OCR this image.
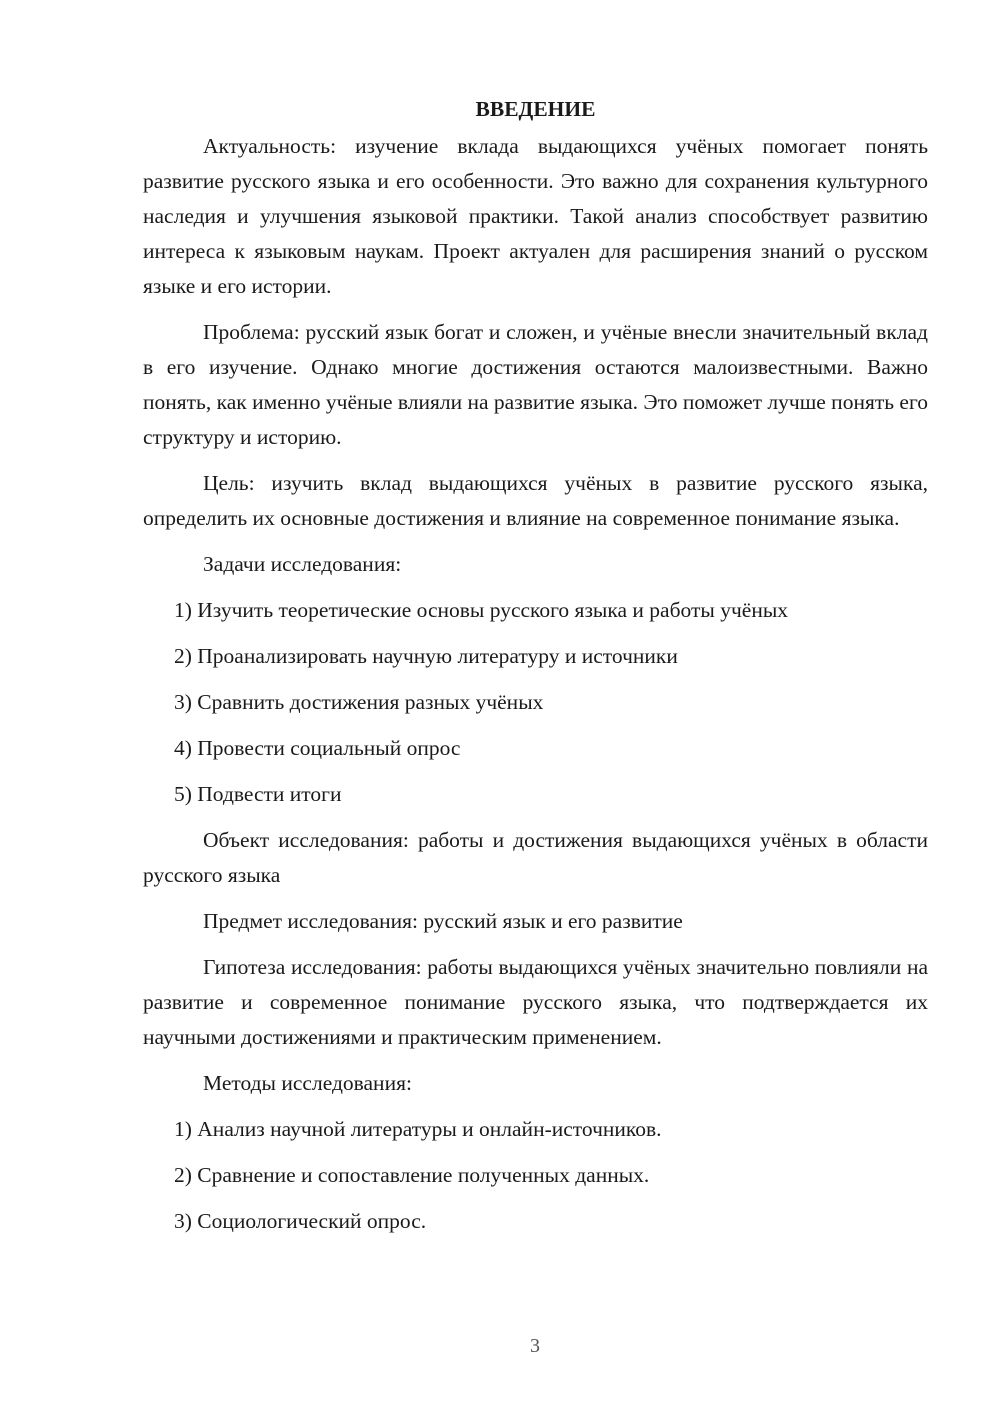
ВВЕДЕНИЕ

Актуальность: изучение вклада выдающихся учёных помогает понять развитие русского языка и его особенности. Это важно для сохранения культурного наследия и улучшения языковой практики. Такой анализ способствует развитию интереса к языковым наукам. Проект актуален для расширения знаний о русском языке и его истории.

Проблема: русский язык богат и сложен, и учёные внесли значительный вклад в его изучение. Однако многие достижения остаются малоизвестными. Важно понять, как именно учёные влияли на развитие языка. Это поможет лучше понять его структуру и историю.

Цель: изучить вклад выдающихся учёных в развитие русского языка, определить их основные достижения и влияние на современное понимание языка.

Задачи исследования:

1) Изучить теоретические основы русского языка и работы учёных

2) Проанализировать научную литературу и источники

3) Сравнить достижения разных учёных

4) Провести социальный опрос

5) Подвести итоги

Объект исследования: работы и достижения выдающихся учёных в области русского языка

Предмет исследования: русский язык и его развитие

Гипотеза исследования: работы выдающихся учёных значительно повлияли на развитие и современное понимание русского языка, что подтверждается их научными достижениями и практическим применением.

Методы исследования:

1) Анализ научной литературы и онлайн-источников.

2) Сравнение и сопоставление полученных данных.

3) Социологический опрос.

3
